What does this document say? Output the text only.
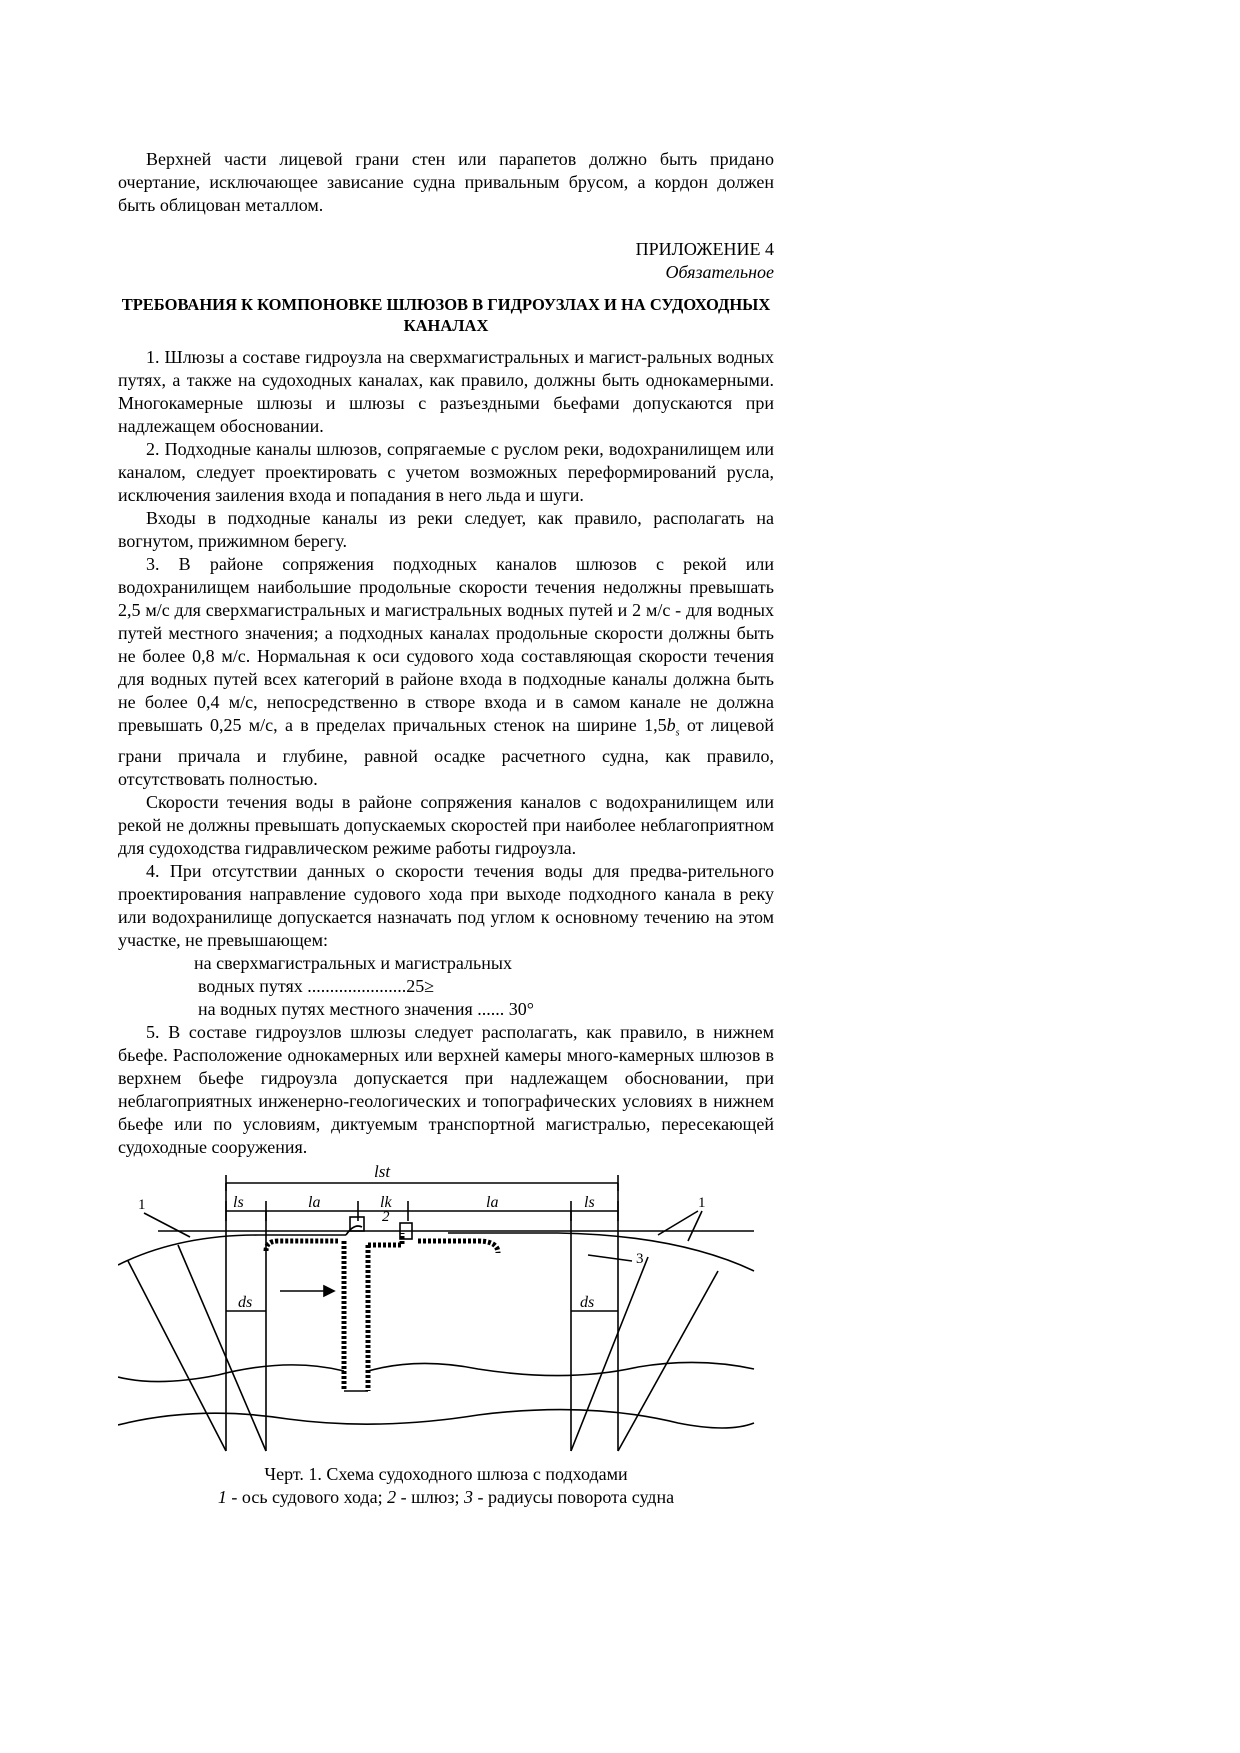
Верхней части лицевой грани стен или парапетов должно быть придано очертание, исключающее зависание судна привальным брусом, а кордон должен быть облицован металлом.

ПРИЛОЖЕНИЕ 4
Обязательное
ТРЕБОВАНИЯ К КОМПОНОВКЕ ШЛЮЗОВ В ГИДРОУЗЛАХ И НА СУДОХОДНЫХ КАНАЛАХ

1. Шлюзы а составе гидроузла на сверхмагистральных и магист-ральных водных путях, а также на судоходных каналах, как правило, должны быть однокамерными. Многокамерные шлюзы и шлюзы с разъездными бьефами допускаются при надлежащем обосновании.

2. Подходные каналы шлюзов, сопрягаемые с руслом реки, водохранилищем или каналом, следует проектировать с учетом возможных переформирований русла, исключения заиления входа и попадания в него льда и шуги.

Входы в подходные каналы из реки следует, как правило, располагать на вогнутом, прижимном берегу.

3. В районе сопряжения подходных каналов шлюзов с рекой или водохранилищем наибольшие продольные скорости течения недолжны превышать 2,5 м/с для сверхмагистральных и магистральных водных путей и 2 м/с - для водных путей местного значения; а подходных каналах продольные скорости должны быть не более 0,8 м/с. Нормальная к оси судового хода составляющая скорости течения для водных путей всех категорий в районе входа в подходные каналы должна быть не более 0,4 м/с, непосредственно в створе входа и в самом канале не должна превышать 0,25 м/с, а в пределах причальных стенок на ширине $1,5b_s$ от лицевой грани причала и глубине, равной осадке расчетного судна, как правило, отсутствовать полностью.

Скорости течения воды в районе сопряжения каналов с водохранилищем или рекой не должны превышать допускаемых скоростей при наиболее неблагоприятном для судоходства гидравлическом режиме работы гидроузла.

4. При отсутствии данных о скорости течения воды для предва-рительного проектирования направление судового хода при выходе подходного канала в реку или водохранилище допускается назначать под углом к основному течению на этом участке, не превышающем:

на сверхмагистральных и магистральных
водных путях ......................25≥
на водных путях местного значения ...... 30°

5. В составе гидроузлов шлюзы следует располагать, как правило, в нижнем бьефе. Расположение однокамерных или верхней камеры много-камерных шлюзов в верхнем бьефе гидроузла допускается при надлежащем обосновании, при неблагоприятных инженерно-геологических и топографических условиях в нижнем бьефе или по условиям, диктуемым транспортной магистралью, пересекающей судоходные сооружения.

lst
ls	la	lk	la	ls
ds	ds
1	1
2
3
Черт. 1. Схема судоходного шлюза с подходами
1 - ось судового хода; 2 - шлюз; 3 - радиусы поворота судна
